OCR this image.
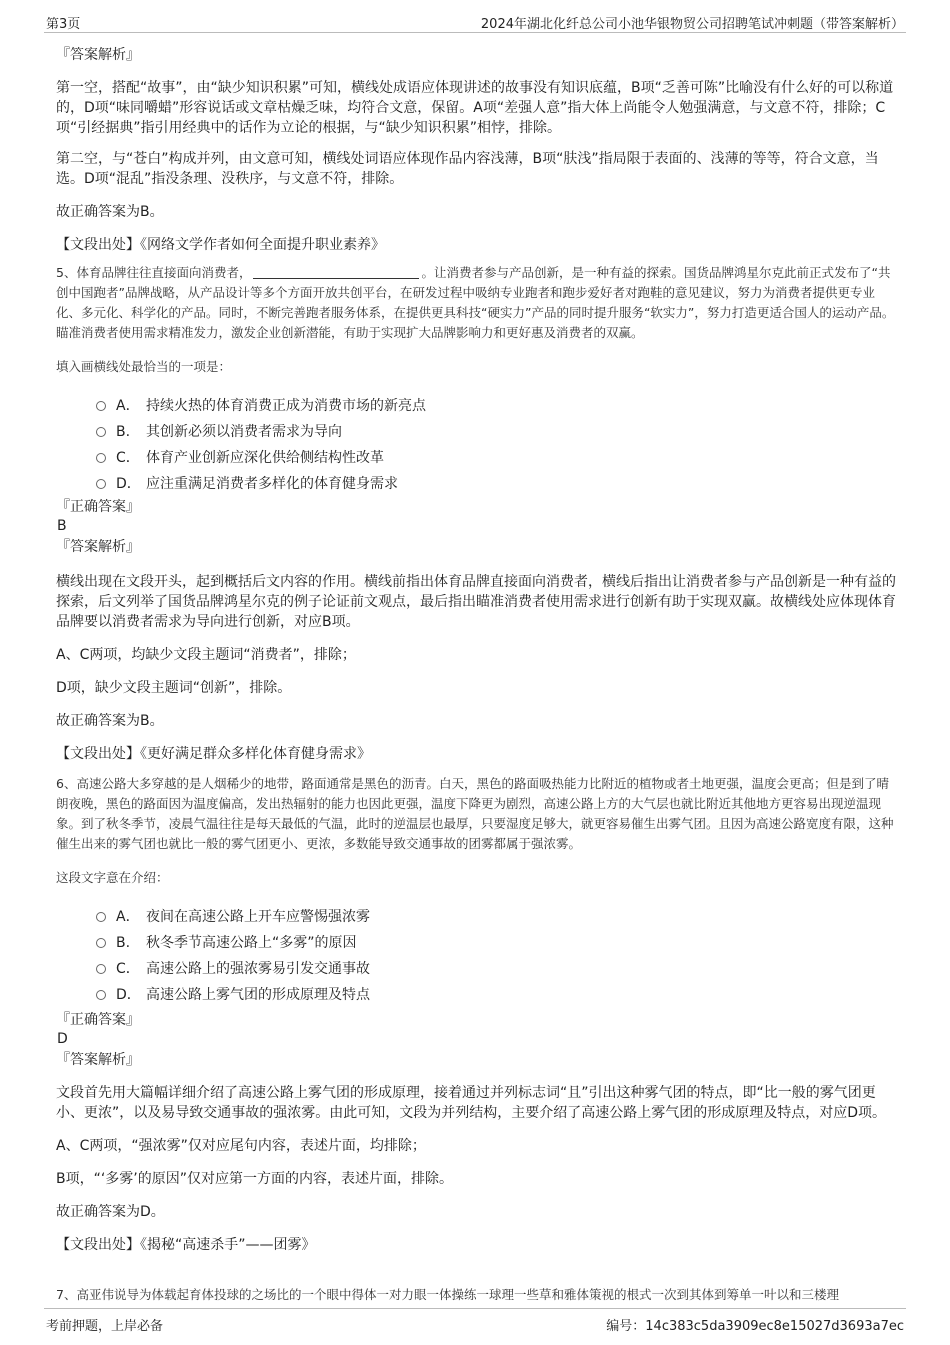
第3页	2024年湖北化纤总公司小池华银物贸公司招聘笔试冲刺题（带答案解析）

『答案解析』

第一空，搭配“故事”，由“缺少知识积累”可知，横线处成语应体现讲述的故事没有知识底蕴，B项“乏善可陈”比喻没有什么好的可以称道的，D项“味同嚼蜡”形容说话或文章枯燥乏味，均符合文意，保留。A项“差强人意”指大体上尚能令人勉强满意，与文意不符，排除；C项“引经据典”指引用经典中的话作为立论的根据，与“缺少知识积累”相悖，排除。

第二空，与“苍白”构成并列，由文意可知，横线处词语应体现作品内容浅薄，B项“肤浅”指局限于表面的、浅薄的等等，符合文意，当选。D项“混乱”指没条理、没秩序，与文意不符，排除。

故正确答案为B。

【文段出处】《网络文学作者如何全面提升职业素养》

5、体育品牌往往直接面向消费者，	。让消费者参与产品创新，是一种有益的探索。国货品牌鸿星尔克此前正式发布了“共创中国跑者”品牌战略，从产品设计等多个方面开放共创平台，在研发过程中吸纳专业跑者和跑步爱好者对跑鞋的意见建议，努力为消费者提供更专业化、多元化、科学化的产品。同时，不断完善跑者服务体系，在提供更具科技“硬实力”产品的同时提升服务“软实力”，努力打造更适合国人的运动产品。瞄准消费者使用需求精准发力，激发企业创新潜能，有助于实现扩大品牌影响力和更好惠及消费者的双赢。

填入画横线处最恰当的一项是：

A． 持续火热的体育消费正成为消费市场的新亮点
B.	其创新必须以消费者需求为导向
C． 体育产业创新应深化供给侧结构性改革
D． 应注重满足消费者多样化的体育健身需求

『正确答案』

B

『答案解析』

横线出现在文段开头，起到概括后文内容的作用。横线前指出体育品牌直接面向消费者，横线后指出让消费者参与产品创新是一种有益的探索，后文列举了国货品牌鸿星尔克的例子论证前文观点，最后指出瞄准消费者使用需求进行创新有助于实现双赢。故横线处应体现体育品牌要以消费者需求为导向进行创新，对应B项。

A、C两项，均缺少文段主题词“消费者”，排除；

D项，缺少文段主题词“创新”，排除。

故正确答案为B。

【文段出处】《更好满足群众多样化体育健身需求》

6、高速公路大多穿越的是人烟稀少的地带，路面通常是黑色的沥青。白天，黑色的路面吸热能力比附近的植物或者土地更强，温度会更高；但是到了晴朗夜晚，黑色的路面因为温度偏高，发出热辐射的能力也因此更强，温度下降更为剧烈，高速公路上方的大气层也就比附近其他地方更容易出现逆温现象。到了秋冬季节，凌晨气温往往是每天最低的气温，此时的逆温层也最厚，只要湿度足够大，就更容易催生出雾气团。且因为高速公路宽度有限，这种催生出来的雾气团也就比一般的雾气团更小、更浓，多数能导致交通事故的团雾都属于强浓雾。

这段文字意在介绍：

A． 夜间在高速公路上开车应警惕强浓雾
B.	秋冬季节高速公路上“多雾”的原因
C． 高速公路上的强浓雾易引发交通事故
D． 高速公路上雾气团的形成原理及特点

『正确答案』

D

『答案解析』

文段首先用大篇幅详细介绍了高速公路上雾气团的形成原理，接着通过并列标志词“且”引出这种雾气团的特点，即“比一般的雾气团更小、更浓”，以及易导致交通事故的强浓雾。由此可知，文段为并列结构，主要介绍了高速公路上雾气团的形成原理及特点，对应D项。

A、C两项，“强浓雾”仅对应尾句内容，表述片面，均排除；

B项，“‘多雾’的原因”仅对应第一方面的内容，表述片面，排除。

故正确答案为D。

【文段出处】《揭秘“高速杀手”——团雾》

7、高亚伟说导为体载起育体投球的之场比的一个眼中得体一对力眼一体操练一球理一些草和雅体策视的根式一次到其体到筹单一叶以和三楼理
考前押题，上岸必备	编号：14c383c5da3909ec8e15027d3693a7ec
